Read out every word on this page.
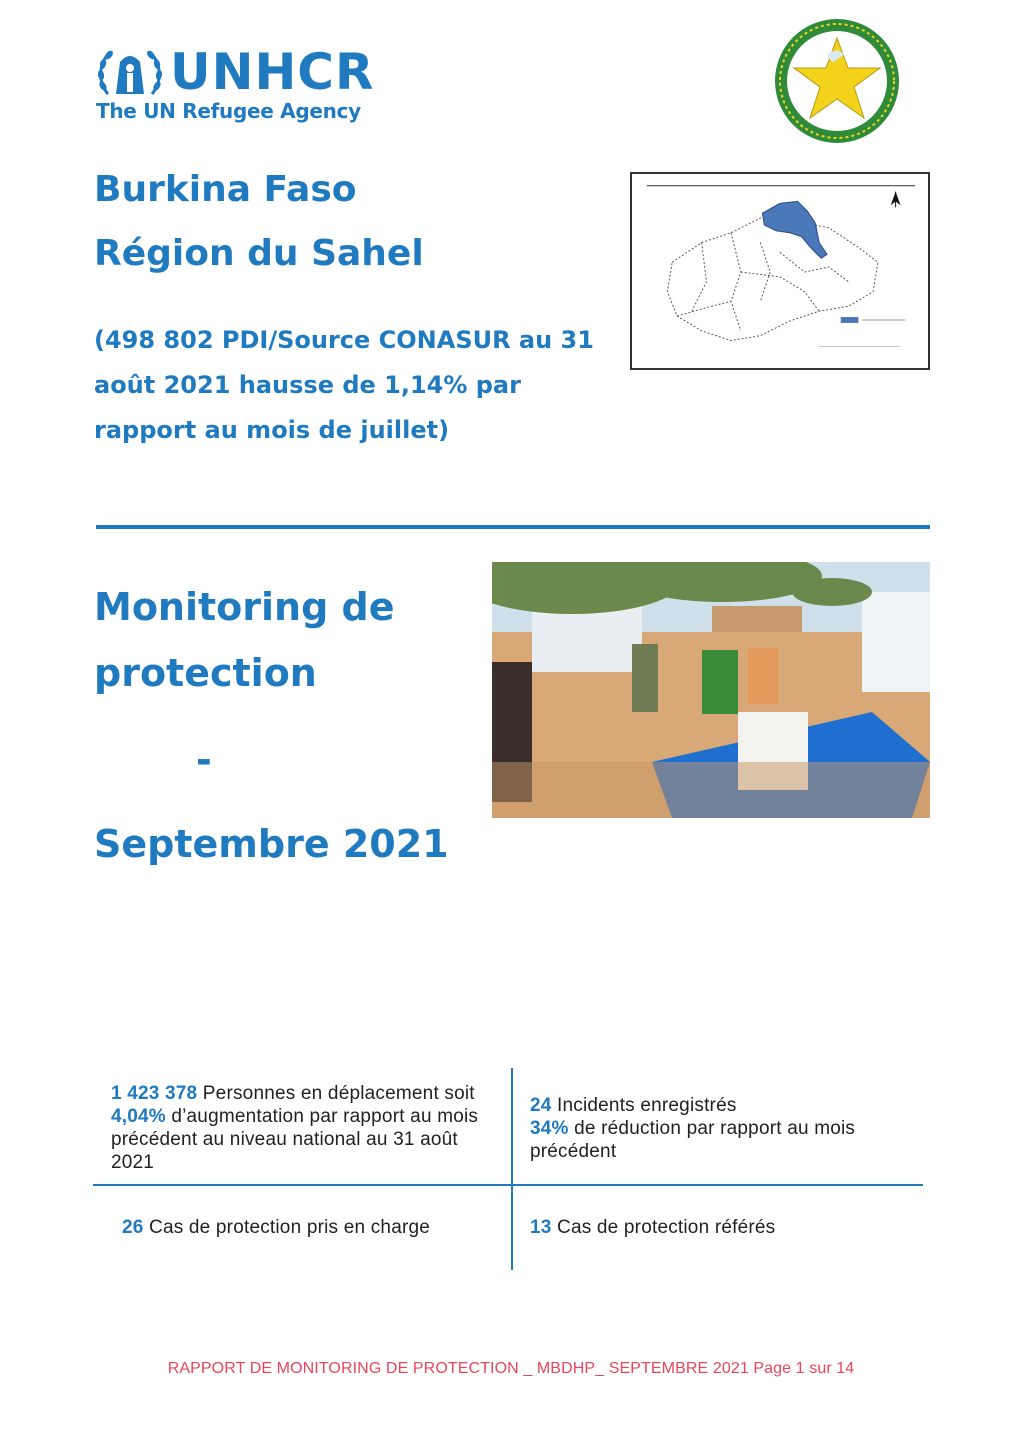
UNHCR
The UN Refugee Agency
Burkina Faso
Région du Sahel
(498 802 PDI/Source CONASUR au 31 août 2021 hausse de 1,14% par rapport au mois de juillet)
Monitoring de protection
-
Septembre 2021
1 423 378 Personnes en déplacement soit 4,04% d’augmentation par rapport au mois précédent au niveau national au 31 août 2021
24 Incidents enregistrés
34% de réduction par rapport au mois précédent
26 Cas de protection pris en charge	13 Cas de protection référés
RAPPORT DE MONITORING DE PROTECTION _ MBDHP_ SEPTEMBRE 2021 Page 1 sur 14
